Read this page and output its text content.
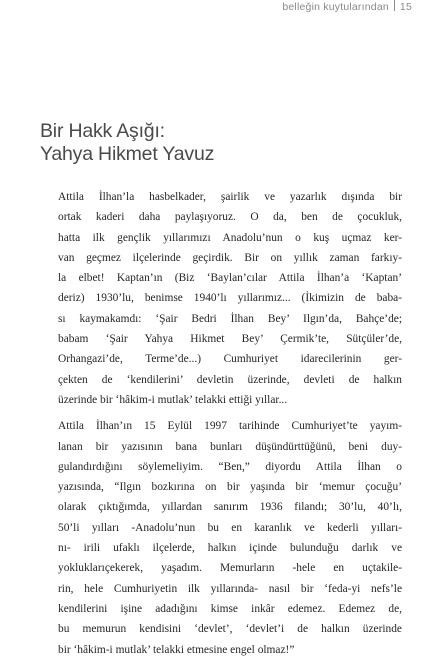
belleğin kuytularından 15
Bir Hakk Aşığı:
Yahya Hikmet Yavuz

Attila İlhan’la hasbelkader, şairlik ve yazarlık dışında bir
ortak kaderi daha paylaşıyoruz. O da, ben de çocukluk,
hatta ilk gençlik yıllarımızı Anadolu’nun o kuş uçmaz ker-
van geçmez ilçelerinde geçirdik. Bir on yıllık zaman farkıy-
la elbet! Kaptan’ın (Biz ‘Baylan’cılar Attila İlhan’a ‘Kaptan’
deriz) 1930’lu, benimse 1940’lı yıllarımız... (İkimizin de baba-
sı kaymakamdı: ‘Şair Bedri İlhan Bey’ Ilgın’da, Bahçe’de;
babam ‘Şair Yahya Hikmet Bey’ Çermik’te, Sütçüler’de,
Orhangazi’de, Terme’de...) Cumhuriyet idarecilerinin ger-
çekten de ‘kendilerini’ devletin üzerinde, devleti de halkın
üzerinde bir ‘hâkim-i mutlak’ telakki ettiği yıllar...

Attila İlhan’ın 15 Eylül 1997 tarihinde Cumhuriyet’te yayım-
lanan bir yazısının bana bunları düşündürttüğünü, beni duy-
gulandırdığını söylemeliyim. “Ben,” diyordu Attila İlhan o
yazısında, “Ilgın bozkırına on bir yaşında bir ‘memur çocuğu’
olarak çıktığımda, yıllardan sanırım 1936 filandı; 30’lu, 40’lı,
50’li yılları -Anadolu’nun bu en karanlık ve kederli yılları-
nı- irili ufaklı ilçelerde, halkın içinde bulunduğu darlık ve
yokluklarıçekerek, yaşadım. Memurların -hele en uçtakile-
rin, hele Cumhuriyetin ilk yıllarında- nasıl bir ‘feda-yi nefs’le
kendilerini işine adadığını kimse inkâr edemez. Edemez de,
bu memurun kendisini ‘devlet’, ‘devlet’i de halkın üzerinde
bir ‘hâkim-i mutlak’ telakki etmesine engel olmaz!”
